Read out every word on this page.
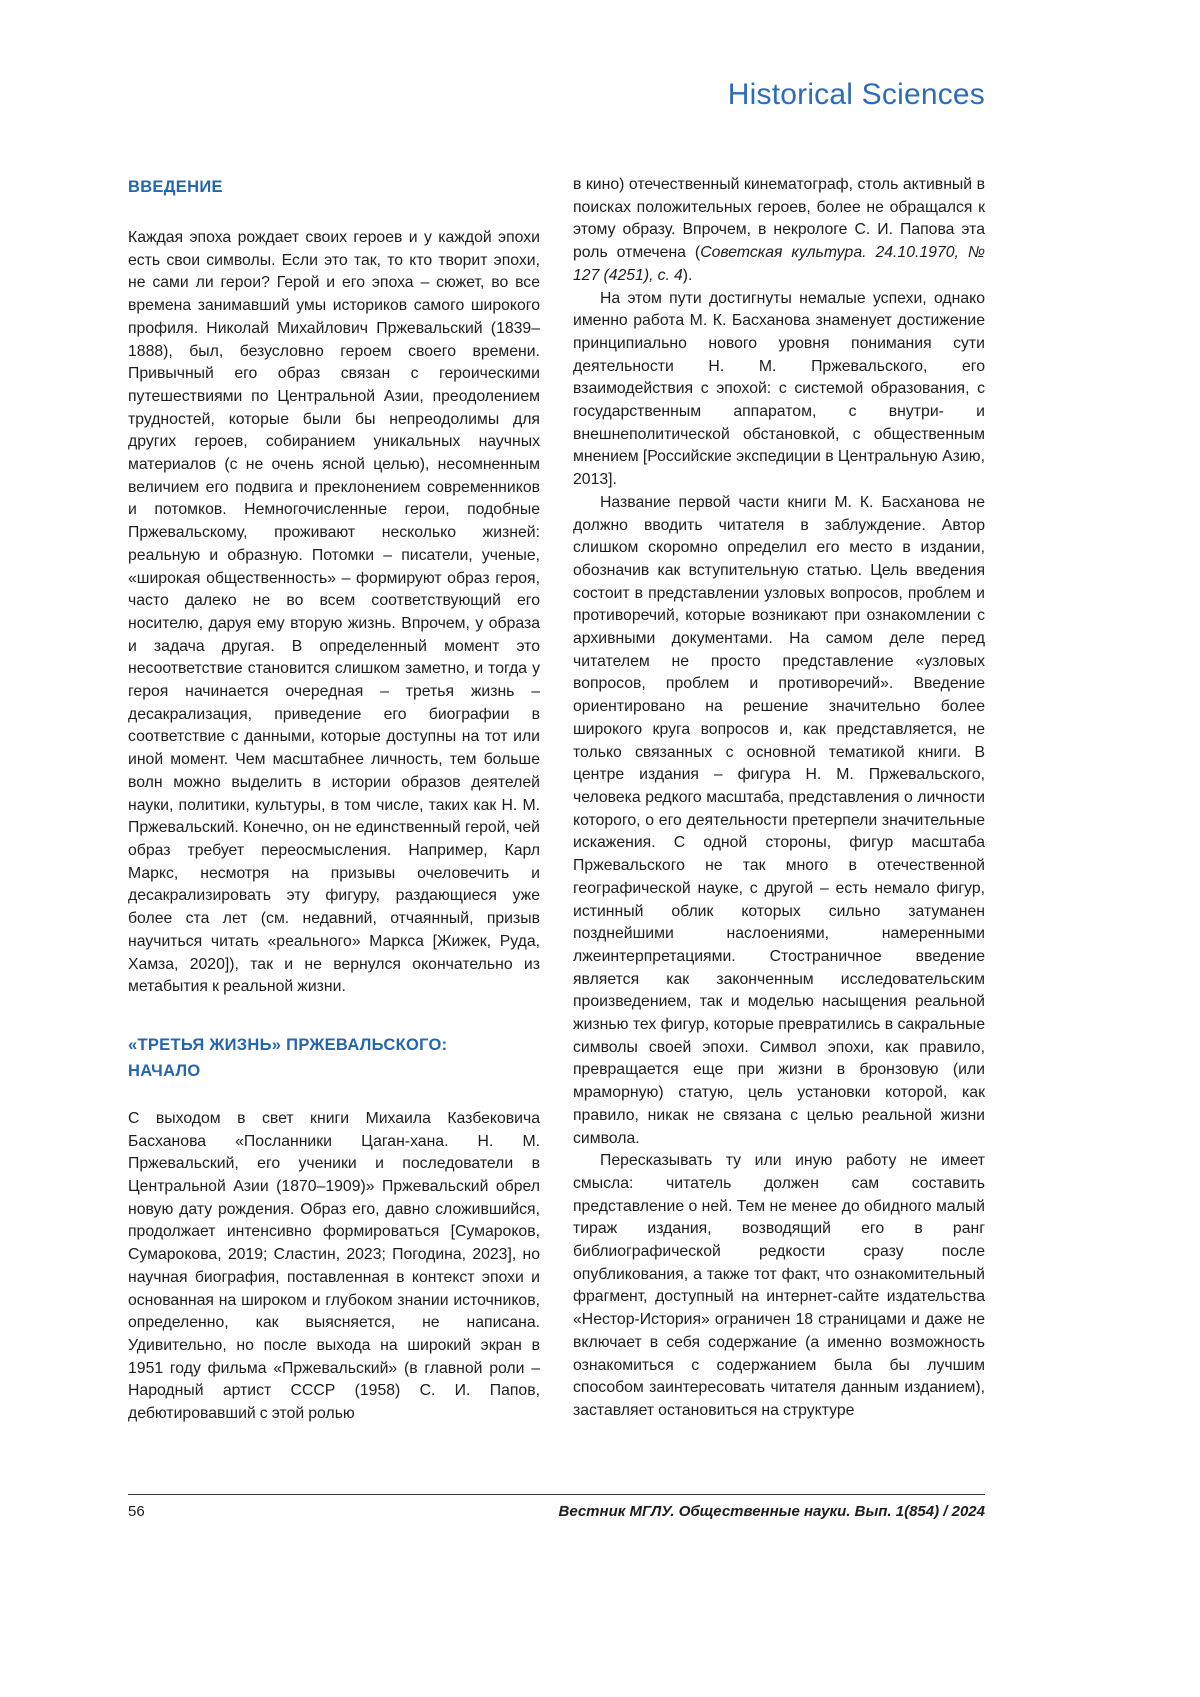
Historical Sciences
ВВЕДЕНИЕ

Каждая эпоха рождает своих героев и у каждой эпохи есть свои символы. Если это так, то кто творит эпохи, не сами ли герои? Герой и его эпоха – сюжет, во все времена занимавший умы историков самого широкого профиля. Николай Михайлович Пржевальский (1839–1888), был, безусловно героем своего времени. Привычный его образ связан с героическими путешествиями по Центральной Азии, преодолением трудностей, которые были бы непреодолимы для других героев, собиранием уникальных научных материалов (с не очень ясной целью), несомненным величием его подвига и преклонением современников и потомков. Немногочисленные герои, подобные Пржевальскому, проживают несколько жизней: реальную и образную. Потомки – писатели, ученые, «широкая общественность» – формируют образ героя, часто далеко не во всем соответствующий его носителю, даруя ему вторую жизнь. Впрочем, у образа и задача другая. В определенный момент это несоответствие становится слишком заметно, и тогда у героя начинается очередная – третья жизнь – десакрализация, приведение его биографии в соответствие с данными, которые доступны на тот или иной момент. Чем масштабнее личность, тем больше волн можно выделить в истории образов деятелей науки, политики, культуры, в том числе, таких как Н. М. Пржевальский. Конечно, он не единственный герой, чей образ требует переосмысления. Например, Карл Маркс, несмотря на призывы очеловечить и десакрализировать эту фигуру, раздающиеся уже более ста лет (см. недавний, отчаянный, призыв научиться читать «реального» Маркса [Жижек, Руда, Хамза, 2020]), так и не вернулся окончательно из метабытия к реальной жизни.

«ТРЕТЬЯ ЖИЗНЬ» ПРЖЕВАЛЬСКОГО:
НАЧАЛО

С выходом в свет книги Михаила Казбековича Басханова «Посланники Цаган-хана. Н. М. Пржевальский, его ученики и последователи в Центральной Азии (1870–1909)» Пржевальский обрел новую дату рождения. Образ его, давно сложившийся, продолжает интенсивно формироваться [Сумароков, Сумарокова, 2019; Сластин, 2023; Погодина, 2023], но научная биография, поставленная в контекст эпохи и основанная на широком и глубоком знании источников, определенно, как выясняется, не написана. Удивительно, но после выхода на широкий экран в 1951 году фильма «Пржевальский» (в главной роли – Народный артист СССР (1958) С. И. Папов, дебютировавший с этой ролью

в кино) отечественный кинематограф, столь активный в поисках положительных героев, более не обращался к этому образу. Впрочем, в некрологе С. И. Папова эта роль отмечена (Советская культура. 24.10.1970, № 127 (4251), с. 4).

На этом пути достигнуты немалые успехи, однако именно работа М. К. Басханова знаменует достижение принципиально нового уровня понимания сути деятельности Н. М. Пржевальского, его взаимодействия с эпохой: с системой образования, с государственным аппаратом, с внутри- и внешнеполитической обстановкой, с общественным мнением [Российские экспедиции в Центральную Азию, 2013].

Название первой части книги М. К. Басханова не должно вводить читателя в заблуждение. Автор слишком скоромно определил его место в издании, обозначив как вступительную статью. Цель введения состоит в представлении узловых вопросов, проблем и противоречий, которые возникают при ознакомлении с архивными документами. На самом деле перед читателем не просто представление «узловых вопросов, проблем и противоречий». Введение ориентировано на решение значительно более широкого круга вопросов и, как представляется, не только связанных с основной тематикой книги. В центре издания – фигура Н. М. Пржевальского, человека редкого масштаба, представления о личности которого, о его деятельности претерпели значительные искажения. С одной стороны, фигур масштаба Пржевальского не так много в отечественной географической науке, с другой – есть немало фигур, истинный облик которых сильно затуманен позднейшими наслоениями, намеренными лжеинтерпретациями. Стостраничное введение является как законченным исследовательским произведением, так и моделью насыщения реальной жизнью тех фигур, которые превратились в сакральные символы своей эпохи. Символ эпохи, как правило, превращается еще при жизни в бронзовую (или мраморную) статую, цель установки которой, как правило, никак не связана с целью реальной жизни символа.

Пересказывать ту или иную работу не имеет смысла: читатель должен сам составить представление о ней. Тем не менее до обидного малый тираж издания, возводящий его в ранг библиографической редкости сразу после опубликования, а также тот факт, что ознакомительный фрагмент, доступный на интернет-сайте издательства «Нестор-История» ограничен 18 страницами и даже не включает в себя содержание (а именно возможность ознакомиться с содержанием была бы лучшим способом заинтересовать читателя данным изданием), заставляет остановиться на структуре

56	Вестник МГЛУ. Общественные науки. Вып. 1(854) / 2024
